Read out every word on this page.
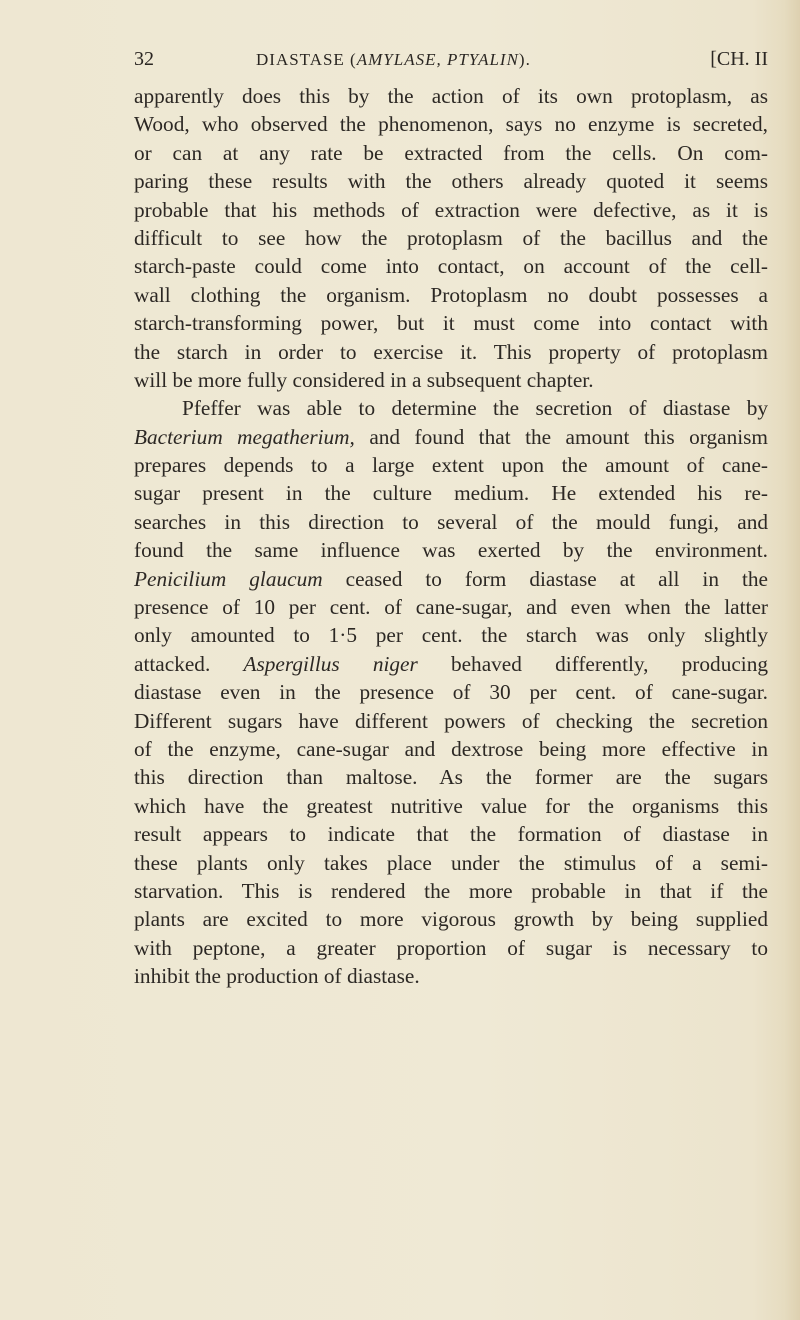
32	DIASTASE (AMYLASE, PTYALIN).	[CH. II
apparently does this by the action of its own protoplasm, as
Wood, who observed the phenomenon, says no enzyme is secreted,
or can at any rate be extracted from the cells. On com-
paring these results with the others already quoted it seems
probable that his methods of extraction were defective, as it is
difficult to see how the protoplasm of the bacillus and the
starch-paste could come into contact, on account of the cell-
wall clothing the organism. Protoplasm no doubt possesses a
starch-transforming power, but it must come into contact with
the starch in order to exercise it. This property of protoplasm
will be more fully considered in a subsequent chapter.
Pfeffer was able to determine the secretion of diastase by
Bacterium megatherium, and found that the amount this organism
prepares depends to a large extent upon the amount of cane-
sugar present in the culture medium. He extended his re-
searches in this direction to several of the mould fungi, and
found the same influence was exerted by the environment.
Penicilium glaucum ceased to form diastase at all in the
presence of 10 per cent. of cane-sugar, and even when the latter
only amounted to 1·5 per cent. the starch was only slightly
attacked. Aspergillus niger behaved differently, producing
diastase even in the presence of 30 per cent. of cane-sugar.
Different sugars have different powers of checking the secretion
of the enzyme, cane-sugar and dextrose being more effective in
this direction than maltose. As the former are the sugars
which have the greatest nutritive value for the organisms this
result appears to indicate that the formation of diastase in
these plants only takes place under the stimulus of a semi-
starvation. This is rendered the more probable in that if the
plants are excited to more vigorous growth by being supplied
with peptone, a greater proportion of sugar is necessary to
inhibit the production of diastase.
